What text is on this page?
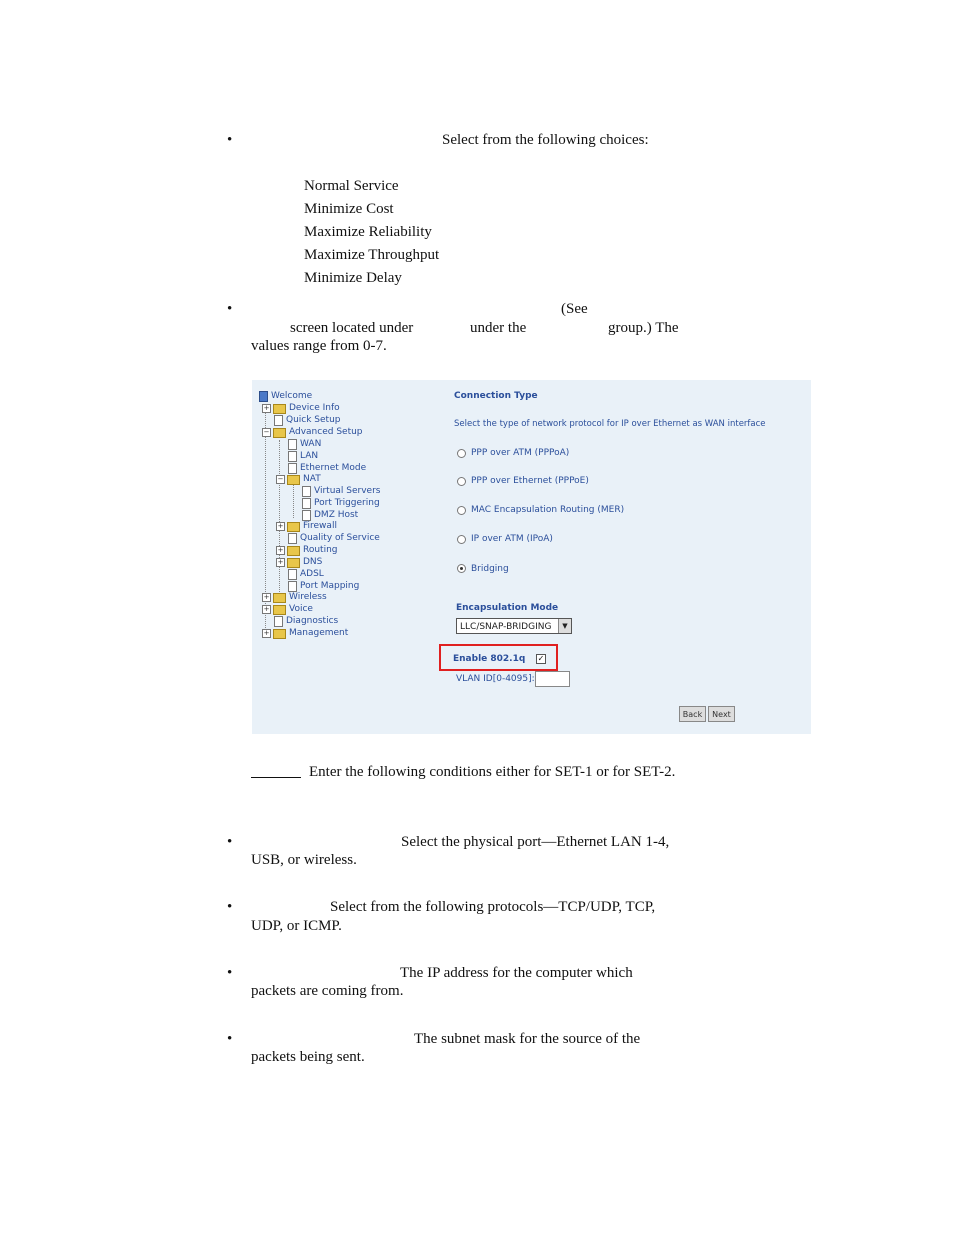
•	Select from the following choices:
Normal Service
Minimize Cost
Maximize Reliability
Maximize Throughput
Minimize Delay
•	(See
screen located under	under the	group.) The
values range from 0-7.
Welcome
+ Device Info
Quick Setup
− Advanced Setup
WAN
LAN
Ethernet Mode
− NAT
Virtual Servers
Port Triggering
DMZ Host
+ Firewall
Quality of Service
+ Routing
+ DNS
ADSL
Port Mapping
+ Wireless
+ Voice
Diagnostics
+ Management
Connection Type
Select the type of network protocol for IP over Ethernet as WAN interface
PPP over ATM (PPPoA)
PPP over Ethernet (PPPoE)
MAC Encapsulation Routing (MER)
IP over ATM (IPoA)
Bridging
Encapsulation Mode
LLC/SNAP-BRIDGING	▼
Enable 802.1q ✓
VLAN ID[0-4095]:
Back	Next
Enter the following conditions either for SET-1 or for SET-2.
•	Select the physical port—Ethernet LAN 1-4,
USB, or wireless.
•	Select from the following protocols—TCP/UDP, TCP,
UDP, or ICMP.
•	The IP address for the computer which
packets are coming from.
•	The subnet mask for the source of the
packets being sent.
